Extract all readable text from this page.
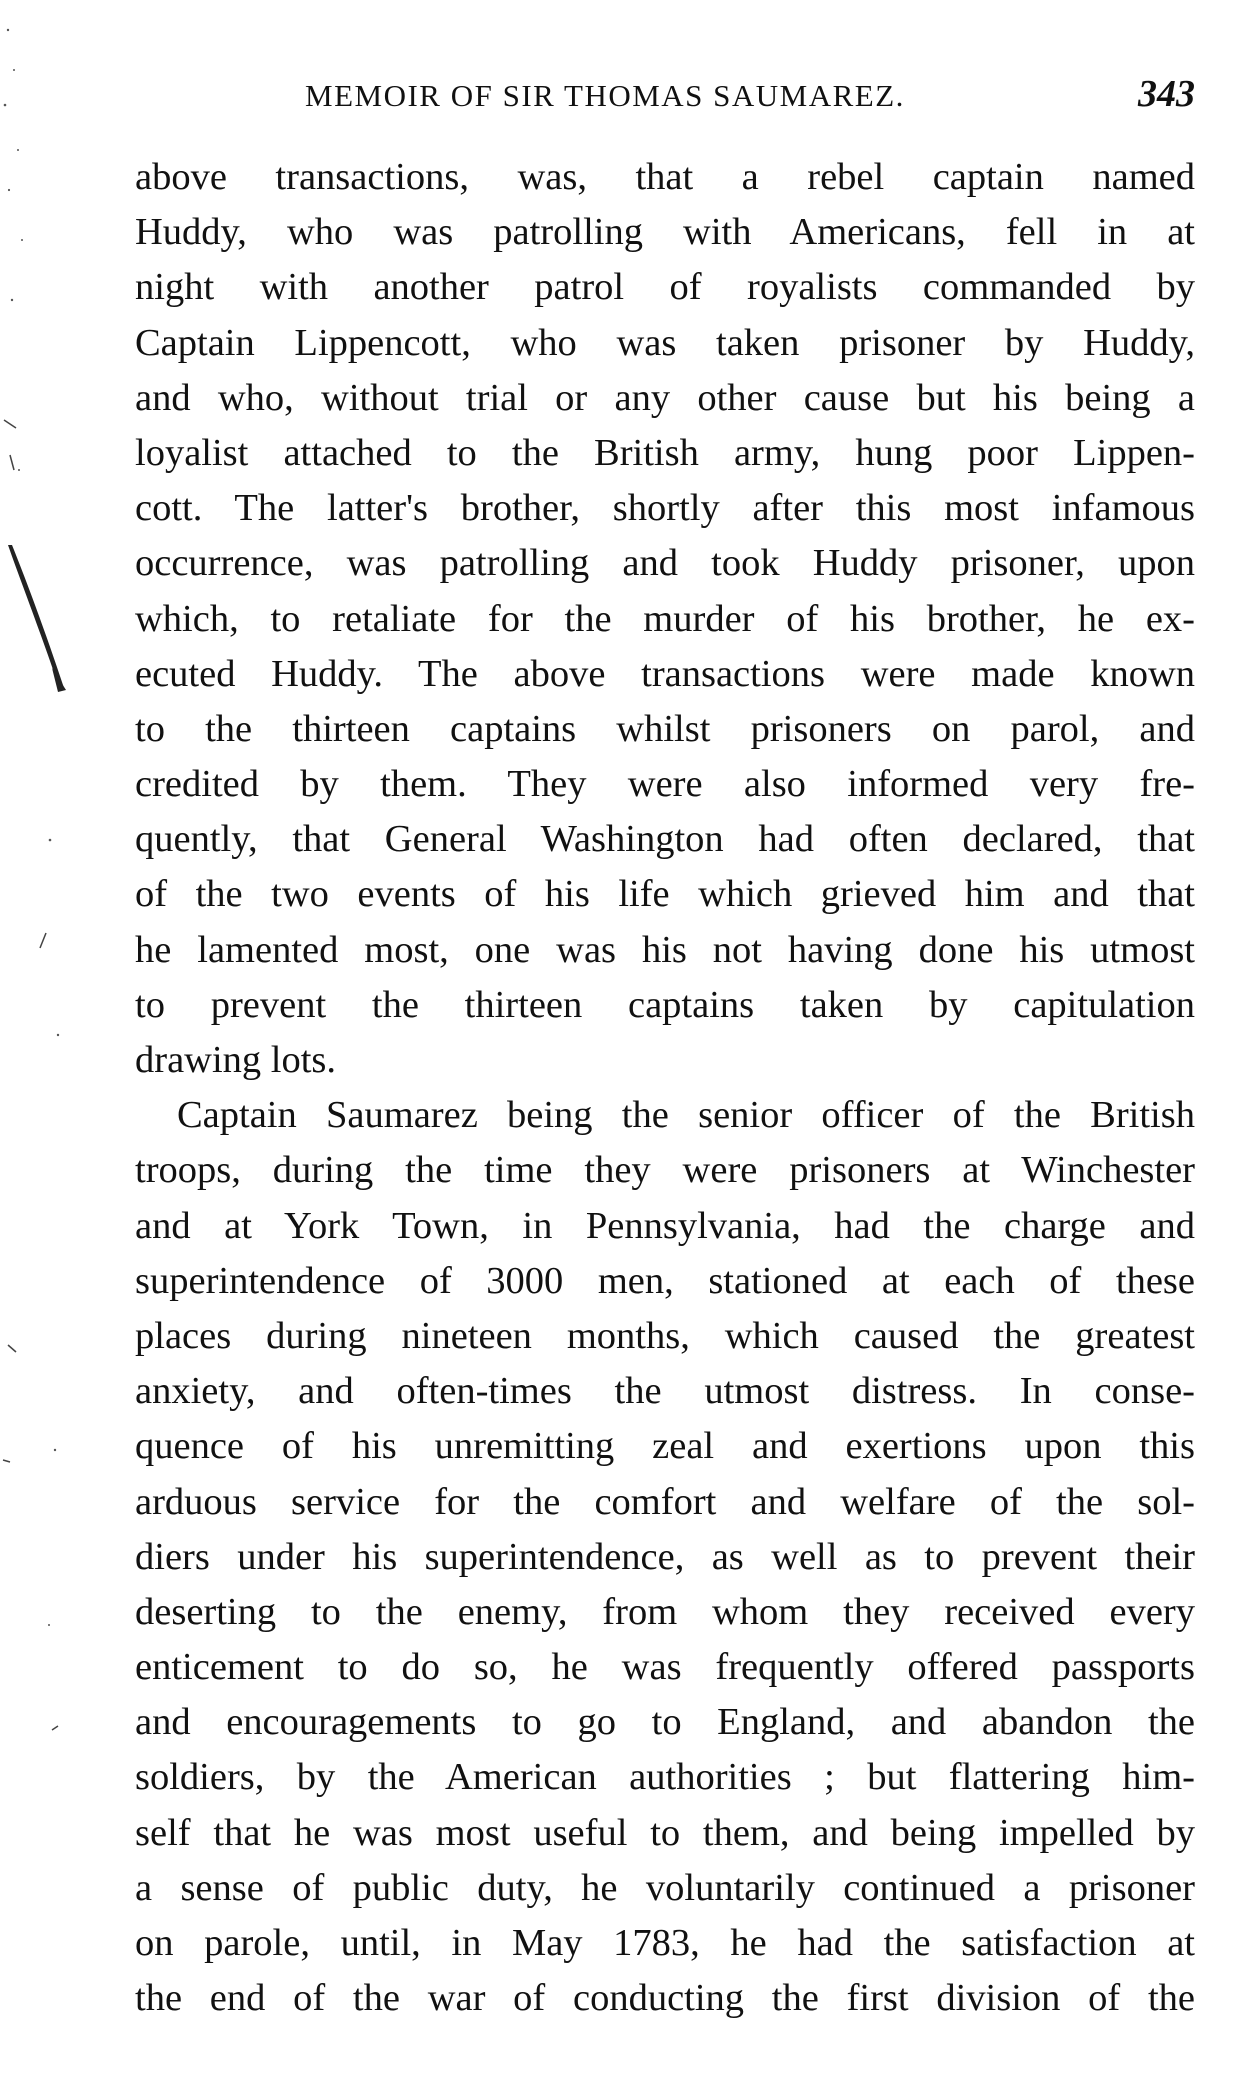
MEMOIR OF SIR THOMAS SAUMAREZ.	343
above transactions, was, that a rebel captain named
Huddy, who was patrolling with Americans, fell in at
night with another patrol of royalists commanded by
Captain Lippencott, who was taken prisoner by Huddy,
and who, without trial or any other cause but his being a
loyalist attached to the British army, hung poor Lippen-
cott. The latter's brother, shortly after this most infamous
occurrence, was patrolling and took Huddy prisoner, upon
which, to retaliate for the murder of his brother, he ex-
ecuted Huddy. The above transactions were made known
to the thirteen captains whilst prisoners on parol, and
credited by them. They were also informed very fre-
quently, that General Washington had often declared, that
of the two events of his life which grieved him and that
he lamented most, one was his not having done his utmost
to prevent the thirteen captains taken by capitulation
drawing lots.
Captain Saumarez being the senior officer of the British
troops, during the time they were prisoners at Winchester
and at York Town, in Pennsylvania, had the charge and
superintendence of 3000 men, stationed at each of these
places during nineteen months, which caused the greatest
anxiety, and often-times the utmost distress. In conse-
quence of his unremitting zeal and exertions upon this
arduous service for the comfort and welfare of the sol-
diers under his superintendence, as well as to prevent their
deserting to the enemy, from whom they received every
enticement to do so, he was frequently offered passports
and encouragements to go to England, and abandon the
soldiers, by the American authorities ; but flattering him-
self that he was most useful to them, and being impelled by
a sense of public duty, he voluntarily continued a prisoner
on parole, until, in May 1783, he had the satisfaction at
the end of the war of conducting the first division of the
